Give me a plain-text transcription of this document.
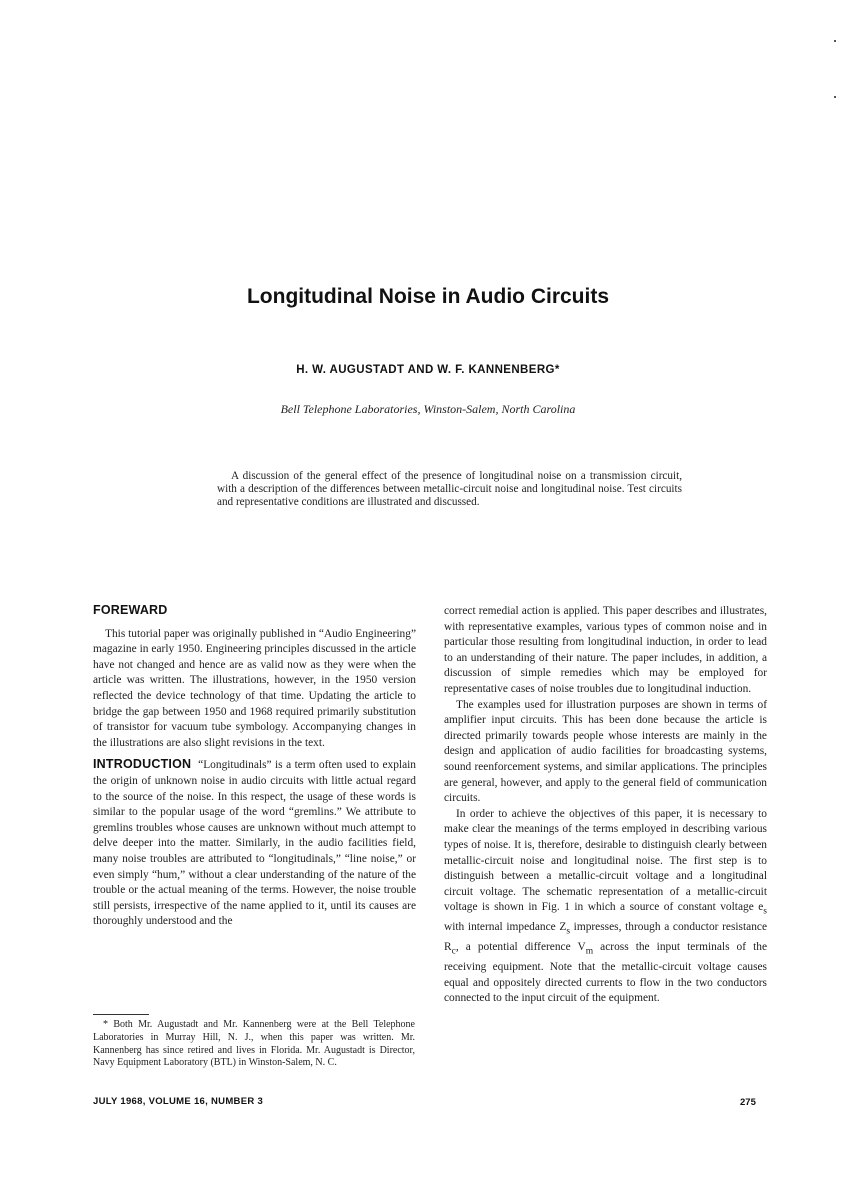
Longitudinal Noise in Audio Circuits
H. W. AUGUSTADT AND W. F. KANNENBERG*
Bell Telephone Laboratories, Winston-Salem, North Carolina

A discussion of the general effect of the presence of longitudinal noise on a transmission circuit, with a description of the differences between metallic-circuit noise and longitudinal noise. Test circuits and representative conditions are illustrated and discussed.

FOREWARD

This tutorial paper was originally published in “Audio Engineering” magazine in early 1950. Engineering principles discussed in the article have not changed and hence are as valid now as they were when the article was written. The illustrations, however, in the 1950 version reflected the device technology of that time. Updating the article to bridge the gap between 1950 and 1968 required primarily substitution of transistor for vacuum tube symbology. Accompanying changes in the illustrations are also slight revisions in the text.

INTRODUCTION “Longitudinals” is a term often used to explain the origin of unknown noise in audio circuits with little actual regard to the source of the noise. In this respect, the usage of these words is similar to the popular usage of the word “gremlins.” We attribute to gremlins troubles whose causes are unknown without much attempt to delve deeper into the matter. Similarly, in the audio facilities field, many noise troubles are attributed to “longitudinals,” “line noise,” or even simply “hum,” without a clear understanding of the nature of the trouble or the actual meaning of the terms. However, the noise trouble still persists, irrespective of the name applied to it, until its causes are thoroughly understood and the

correct remedial action is applied. This paper describes and illustrates, with representative examples, various types of common noise and in particular those resulting from longitudinal induction, in order to lead to an understanding of their nature. The paper includes, in addition, a discussion of simple remedies which may be employed for representative cases of noise troubles due to longitudinal induction.

The examples used for illustration purposes are shown in terms of amplifier input circuits. This has been done because the article is directed primarily towards people whose interests are mainly in the design and application of audio facilities for broadcasting systems, sound reenforcement systems, and similar applications. The principles are general, however, and apply to the general field of communication circuits.

In order to achieve the objectives of this paper, it is necessary to make clear the meanings of the terms employed in describing various types of noise. It is, therefore, desirable to distinguish clearly between metallic-circuit noise and longitudinal noise. The first step is to distinguish between a metallic-circuit voltage and a longitudinal circuit voltage. The schematic representation of a metallic-circuit voltage is shown in Fig. 1 in which a source of constant voltage $e_s$ with internal impedance $Z_s$ impresses, through a conductor resistance $R_c$, a potential difference $V_m$ across the input terminals of the receiving equipment. Note that the metallic-circuit voltage causes equal and oppositely directed currents to flow in the two conductors connected to the input circuit of the equipment.

* Both Mr. Augustadt and Mr. Kannenberg were at the Bell Telephone Laboratories in Murray Hill, N. J., when this paper was written. Mr. Kannenberg has since retired and lives in Florida. Mr. Augustadt is Director, Navy Equipment Laboratory (BTL) in Winston-Salem, N. C.

JULY 1968, VOLUME 16, NUMBER 3	275
